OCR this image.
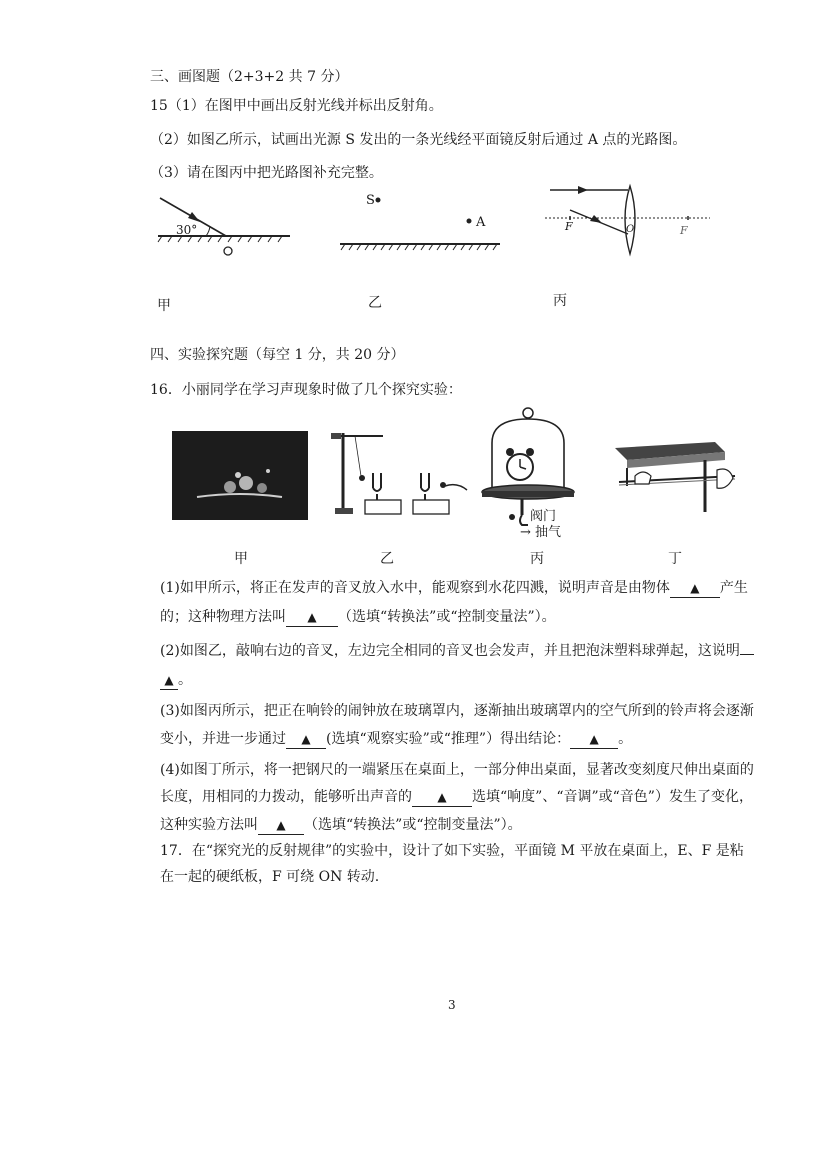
三、画图题（2+3+2 共 7 分）
15（1）在图甲中画出反射光线并标出反射角。
（2）如图乙所示，试画出光源 S 发出的一条光线经平面镜反射后通过 A 点的光路图。
（3）请在图丙中把光路图补充完整。
30°
S
A	F	O	F
甲	乙	丙
四、实验探究题（每空 1 分，共 20 分）
16．小丽同学在学习声现象时做了几个探究实验：
阀门
→ 抽气
甲	乙	丙	丁
(1)如甲所示，将正在发声的音叉放入水中，能观察到水花四溅，说明声音是由物体 ▲ 产生
的；这种物理方法叫 ▲ （选填“转换法”或“控制变量法”）。
(2)如图乙，敲响右边的音叉，左边完全相同的音叉也会发声，并且把泡沫塑料球弹起，这说明
▲ 。
(3)如图丙所示，把正在响铃的闹钟放在玻璃罩内，逐渐抽出玻璃罩内的空气所到的铃声将会逐渐
变小，并进一步通过 ▲ (选填“观察实验”或“推理”）得出结论： ▲ 。
(4)如图丁所示，将一把钢尺的一端紧压在桌面上，一部分伸出桌面，显著改变刻度尺伸出桌面的
长度，用相同的力拨动，能够听出声音的 ▲ 选填“响度”、“音调”或“音色”）发生了变化，
这种实验方法叫 ▲ （选填“转换法”或“控制变量法”）。
17．在“探究光的反射规律”的实验中，设计了如下实验，平面镜 M 平放在桌面上，E、F 是粘
在一起的硬纸板，F 可绕 ON 转动.
3
